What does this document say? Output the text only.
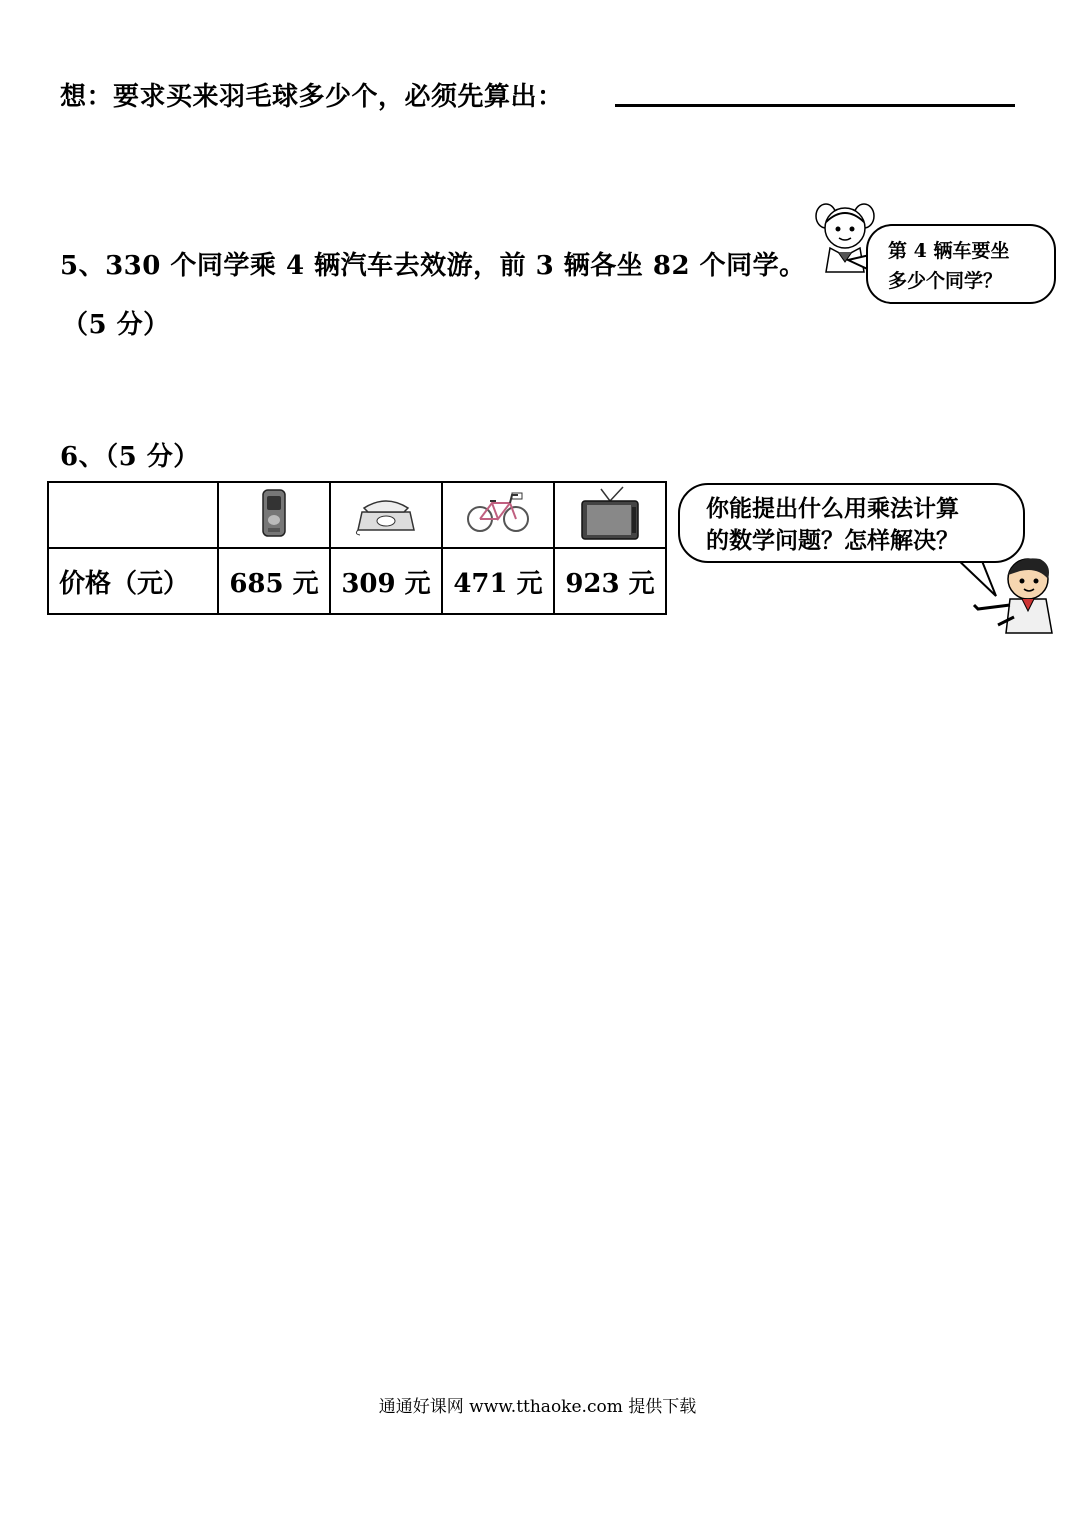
想：要求买来羽毛球多少个，必须先算出：
5、330 个同学乘 4 辆汽车去效游，前 3 辆各坐 82 个同学。
（5 分）
第 4 辆车要坐
多少个同学？
6、（5 分）

价格（元）	685 元	309 元	471 元	923 元
你能提出什么用乘法计算
的数学问题？怎样解决？
通通好课网 www.tthaoke.com 提供下载
